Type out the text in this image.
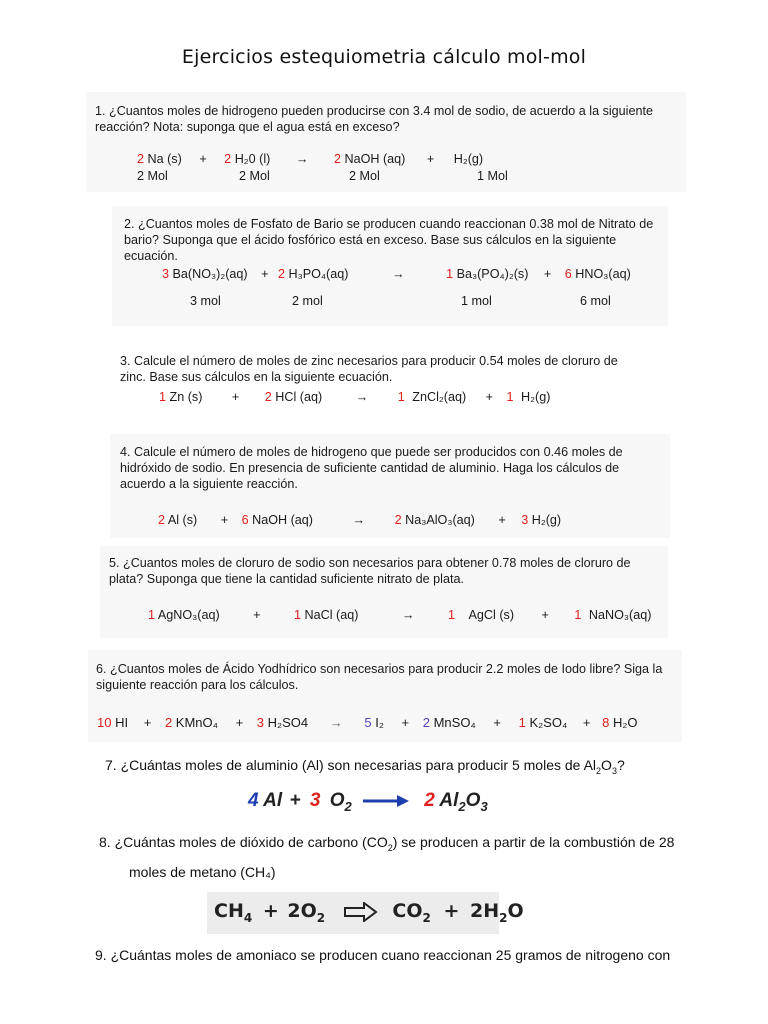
Ejercicios estequiometria cálculo mol-mol
1. ¿Cuantos moles de hidrogeno pueden producirse con 3.4 mol de sodio, de acuerdo a la siguiente reacción? Nota: suponga que el agua está en exceso?
2 Na (s) + 2 H₂0 (l) → 2 NaOH (aq) + H₂(g)
2 Mol	2 Mol	2 Mol	1 Mol
2. ¿Cuantos moles de Fosfato de Bario se producen cuando reaccionan 0.38 mol de Nitrato de bario? Suponga que el ácido fosfórico está en exceso. Base sus cálculos en la siguiente ecuación.
3 Ba(NO₃)₂(aq) + 2 H₃PO₄(aq)	→	1 Ba₃(PO₄)₂(s) + 6 HNO₃(aq)
3 mol	2 mol	1 mol	6 mol
3. Calcule el número de moles de zinc necesarios para producir 0.54 moles de cloruro de zinc. Base sus cálculos en la siguiente ecuación.
1 Zn (s) + 2 HCl (aq)	→ 1 ZnCl₂(aq) + 1 H₂(g)
4. Calcule el número de moles de hidrogeno que puede ser producidos con 0.46 moles de hidróxido de sodio. En presencia de suficiente cantidad de aluminio. Haga los cálculos de acuerdo a la siguiente reacción.
2 Al (s) + 6 NaOH (aq)	→ 2 Na₃AlO₃(aq) + 3 H₂(g)
5. ¿Cuantos moles de cloruro de sodio son necesarios para obtener 0.78 moles de cloruro de plata? Suponga que tiene la cantidad suficiente nitrato de plata.
1 AgNO₃(aq)	+	1 NaCl (aq)	→	1 AgCl (s) + 1 NaNO₃(aq)
6. ¿Cuantos moles de Ácido Yodhídrico son necesarios para producir 2.2 moles de Iodo libre? Siga la siguiente reacción para los cálculos.
10 HI + 2 KMnO₄ + 3 H₂SO4 → 5 I₂ + 2 MnSO₄ + 1 K₂SO₄ + 8 H₂O
7. ¿Cuántas moles de aluminio (Al) son necesarias para producir 5 moles de $Al_2O_3$?
4 Al + 3 $O_2$	2 $Al_2O_3$
8. ¿Cuántas moles de dióxido de carbono $(CO_2)$ se producen a partir de la combustión de 28
moles de metano (CH₄)
$CH_4 + 2O_2$	$CO_2 + 2H_2O$
9. ¿Cuántas moles de amoniaco se producen cuano reaccionan 25 gramos de nitrogeno con
